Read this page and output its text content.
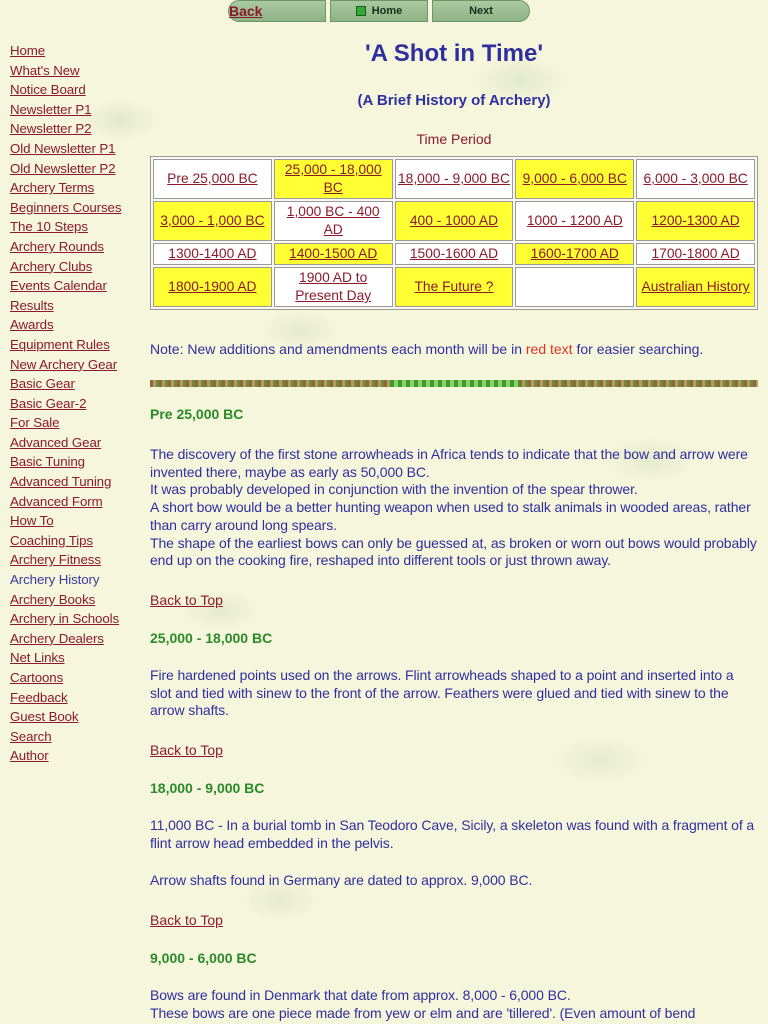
Back	Home	Next
Home
What's New
Notice Board
Newsletter P1
Newsletter P2
Old Newsletter P1
Old Newsletter P2
Archery Terms
Beginners Courses
The 10 Steps
Archery Rounds
Archery Clubs
Events Calendar
Results
Awards
Equipment Rules
New Archery Gear
Basic Gear
Basic Gear-2
For Sale
Advanced Gear
Basic Tuning
Advanced Tuning
Advanced Form
How To
Coaching Tips
Archery Fitness
Archery History
Archery Books
Archery in Schools
Archery Dealers
Net Links
Cartoons
Feedback
Guest Book
Search
Author
'A Shot in Time'
(A Brief History of Archery)
Time Period
Pre 25,000 BC	25,000 - 18,000 BC	18,000 - 9,000 BC	9,000 - 6,000 BC	6,000 - 3,000 BC
3,000 - 1,000 BC	1,000 BC - 400 AD	400 - 1000 AD	1000 - 1200 AD	1200-1300 AD
1300-1400 AD	1400-1500 AD	1500-1600 AD	1600-1700 AD	1700-1800 AD
1800-1900 AD	1900 AD to Present Day	The Future ?		Australian History
Note: New additions and amendments each month will be in red text for easier searching.

Pre 25,000 BC

The discovery of the first stone arrowheads in Africa tends to indicate that the bow and arrow were invented there, maybe as early as 50,000 BC.

It was probably developed in conjunction with the invention of the spear thrower.

A short bow would be a better hunting weapon when used to stalk animals in wooded areas, rather than carry around long spears.

The shape of the earliest bows can only be guessed at, as broken or worn out bows would probably end up on the cooking fire, reshaped into different tools or just thrown away.

Back to Top

25,000 - 18,000 BC

Fire hardened points used on the arrows. Flint arrowheads shaped to a point and inserted into a slot and tied with sinew to the front of the arrow. Feathers were glued and tied with sinew to the arrow shafts.

Back to Top

18,000 - 9,000 BC

11,000 BC - In a burial tomb in San Teodoro Cave, Sicily, a skeleton was found with a fragment of a flint arrow head embedded in the pelvis.

Arrow shafts found in Germany are dated to approx. 9,000 BC.

Back to Top

9,000 - 6,000 BC

Bows are found in Denmark that date from approx. 8,000 - 6,000 BC.

These bows are one piece made from yew or elm and are 'tillered'. (Even amount of bend
